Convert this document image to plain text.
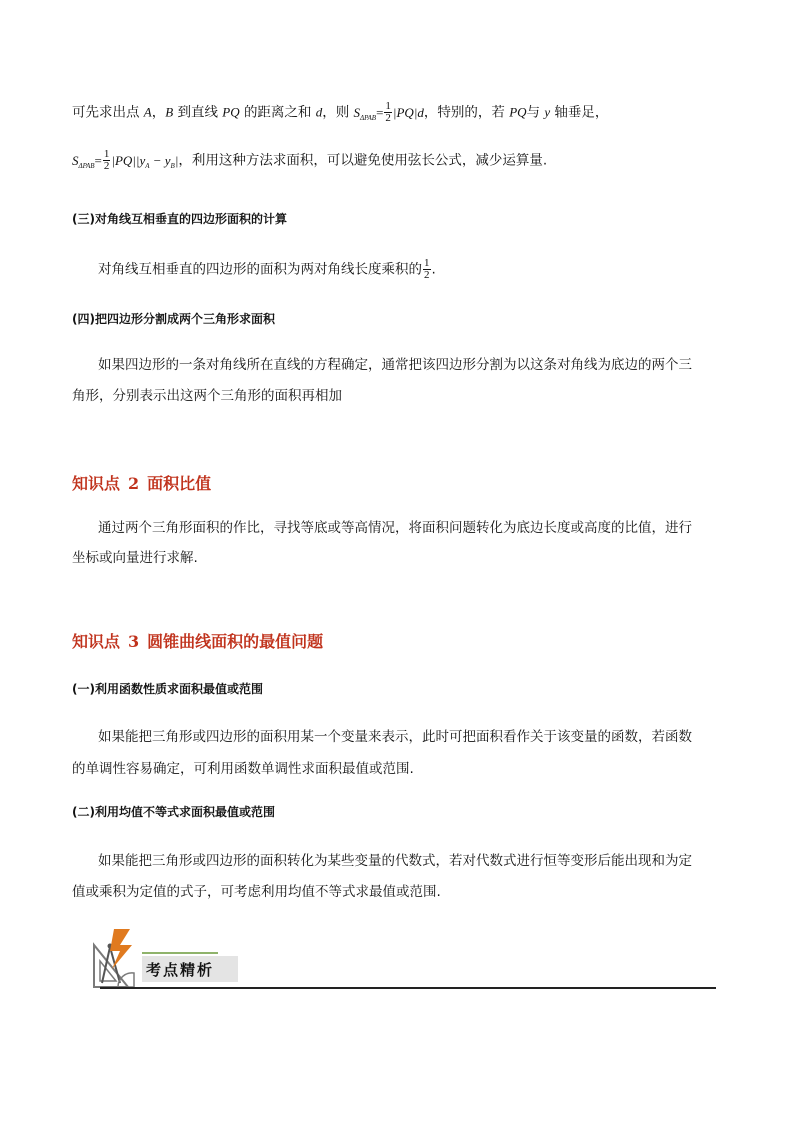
可先求出点 A，B 到直线 PQ 的距离之和 d，则 $S_{\Delta PAB}= \frac{1}{2} |PQ|d$，特别的，若 PQ与 y 轴垂足，
$S_{\Delta PAB}= \frac{1}{2} |PQ||y_A - y_B|$，利用这种方法求面积，可以避免使用弦长公式，减少运算量.
(三)对角线互相垂直的四边形面积的计算
对角线互相垂直的四边形的面积为两对角线长度乘积的 $\frac{1}{2}$ .
(四)把四边形分割成两个三角形求面积
如果四边形的一条对角线所在直线的方程确定，通常把该四边形分割为以这条对角线为底边的两个三
角形，分别表示出这两个三角形的面积再相加
知识点 2 面积比值
通过两个三角形面积的作比，寻找等底或等高情况，将面积问题转化为底边长度或高度的比值，进行
坐标或向量进行求解.
知识点 3 圆锥曲线面积的最值问题
(一)利用函数性质求面积最值或范围
如果能把三角形或四边形的面积用某一个变量来表示，此时可把面积看作关于该变量的函数，若函数
的单调性容易确定，可利用函数单调性求面积最值或范围.
(二)利用均值不等式求面积最值或范围
如果能把三角形或四边形的面积转化为某些变量的代数式，若对代数式进行恒等变形后能出现和为定
值或乘积为定值的式子，可考虑利用均值不等式求最值或范围.
考点精析
